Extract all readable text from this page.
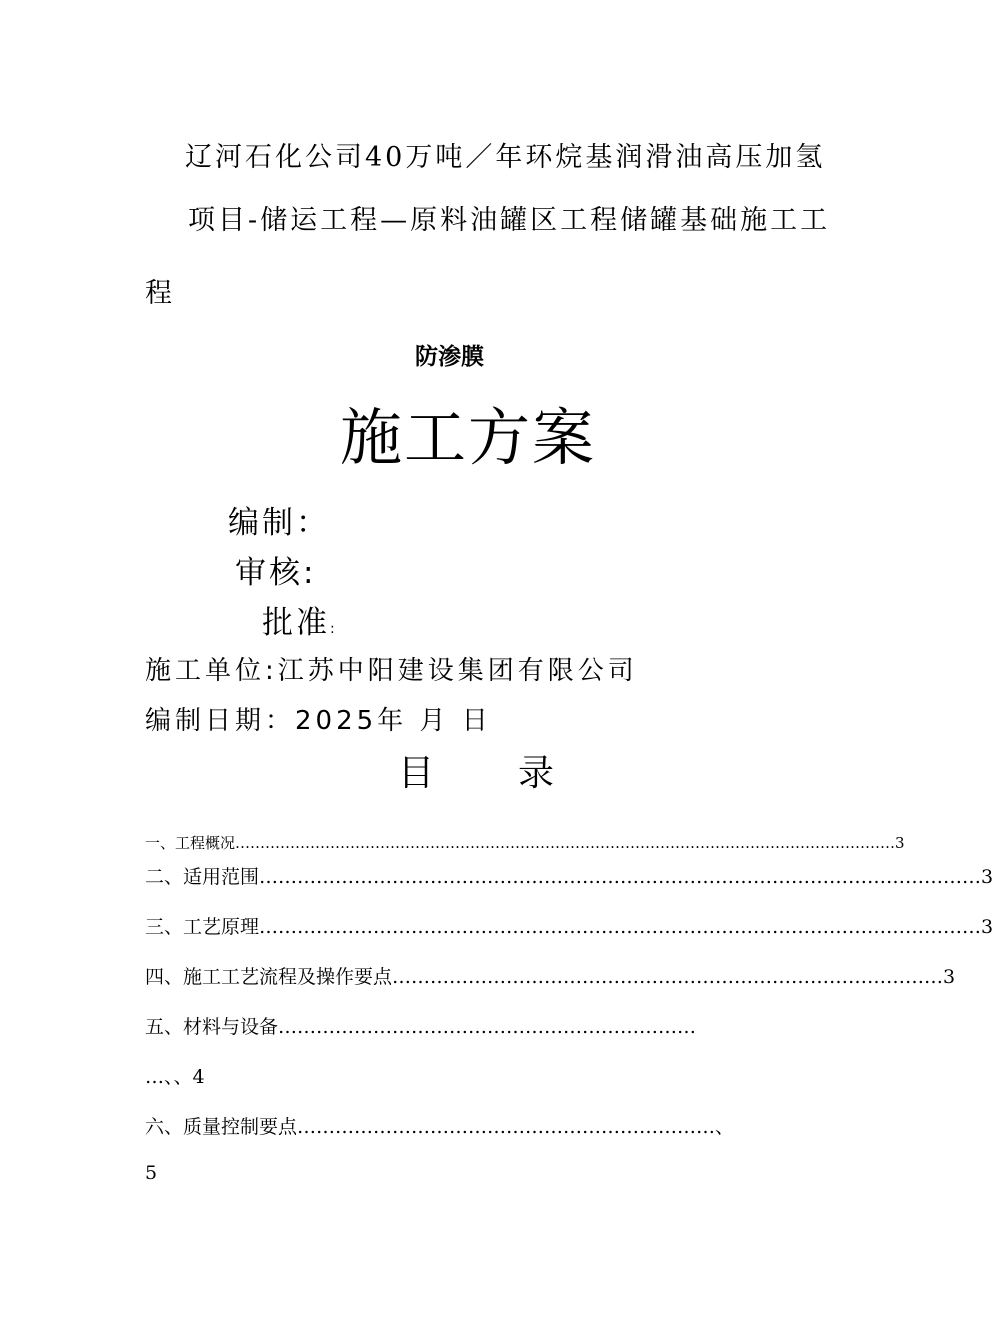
辽河石化公司40万吨／年环烷基润滑油高压加氢
项目-储运工程—原料油罐区工程储罐基础施工工
程
防渗膜
施工方案
编制：
审核:
批准:
施工单位:江苏中阳建设集团有限公司
编制日期：2025年 月 日
目 录
一、工程概况 …………………………………………………………………………………………………………………… 3
二、适用范围 …………………………………………………………………………………………………… 3
三、工艺原理 …………………………………………………………………………………………………… 3
四、施工工艺流程及操作要点 …………………………………………………………………………… 3
五、材料与设备…………………………………………………………
…、、4
六、质量控制要点…………………………………………………………、
5
